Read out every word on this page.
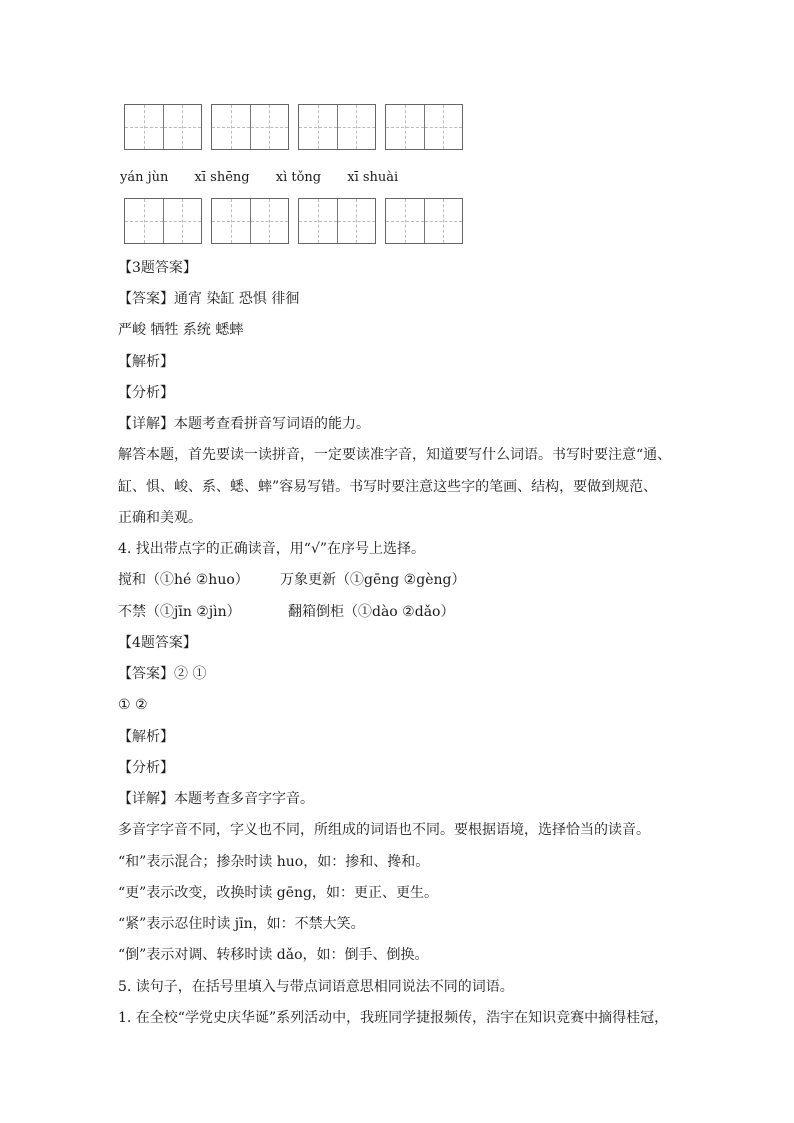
yán jùn xī shēng xì tǒng xī shuài
【3题答案】
【答案】通宵 染缸 恐惧 徘徊
严峻 牺牲 系统 蟋蟀
【解析】
【分析】
【详解】本题考查看拼音写词语的能力。
解答本题，首先要读一读拼音，一定要读准字音，知道要写什么词语。书写时要注意“通、
缸、惧、峻、系、蟋、蟀”容易写错。书写时要注意这些字的笔画、结构，要做到规范、
正确和美观。
4. 找出带点字的正确读音，用“√”在序号上选择。
搅和（①hé ②huo） 万象更新（①gēng ②gèng）
不禁（①jīn ②jìn）	翻箱倒柜（①dào ②dǎo）
【4题答案】
【答案】② ①
① ②
【解析】
【分析】
【详解】本题考查多音字字音。
多音字字音不同，字义也不同，所组成的词语也不同。要根据语境，选择恰当的读音。
“和”表示混合；掺杂时读 huo，如：掺和、搀和。
“更”表示改变，改换时读 gēng，如：更正、更生。
“紧”表示忍住时读 jīn，如：不禁大笑。
“倒”表示对调、转移时读 dǎo，如：倒手、倒换。
5. 读句子，在括号里填入与带点词语意思相同说法不同的词语。
1. 在全校“学党史庆华诞”系列活动中，我班同学捷报频传，浩宇在知识竞赛中摘得桂冠，
